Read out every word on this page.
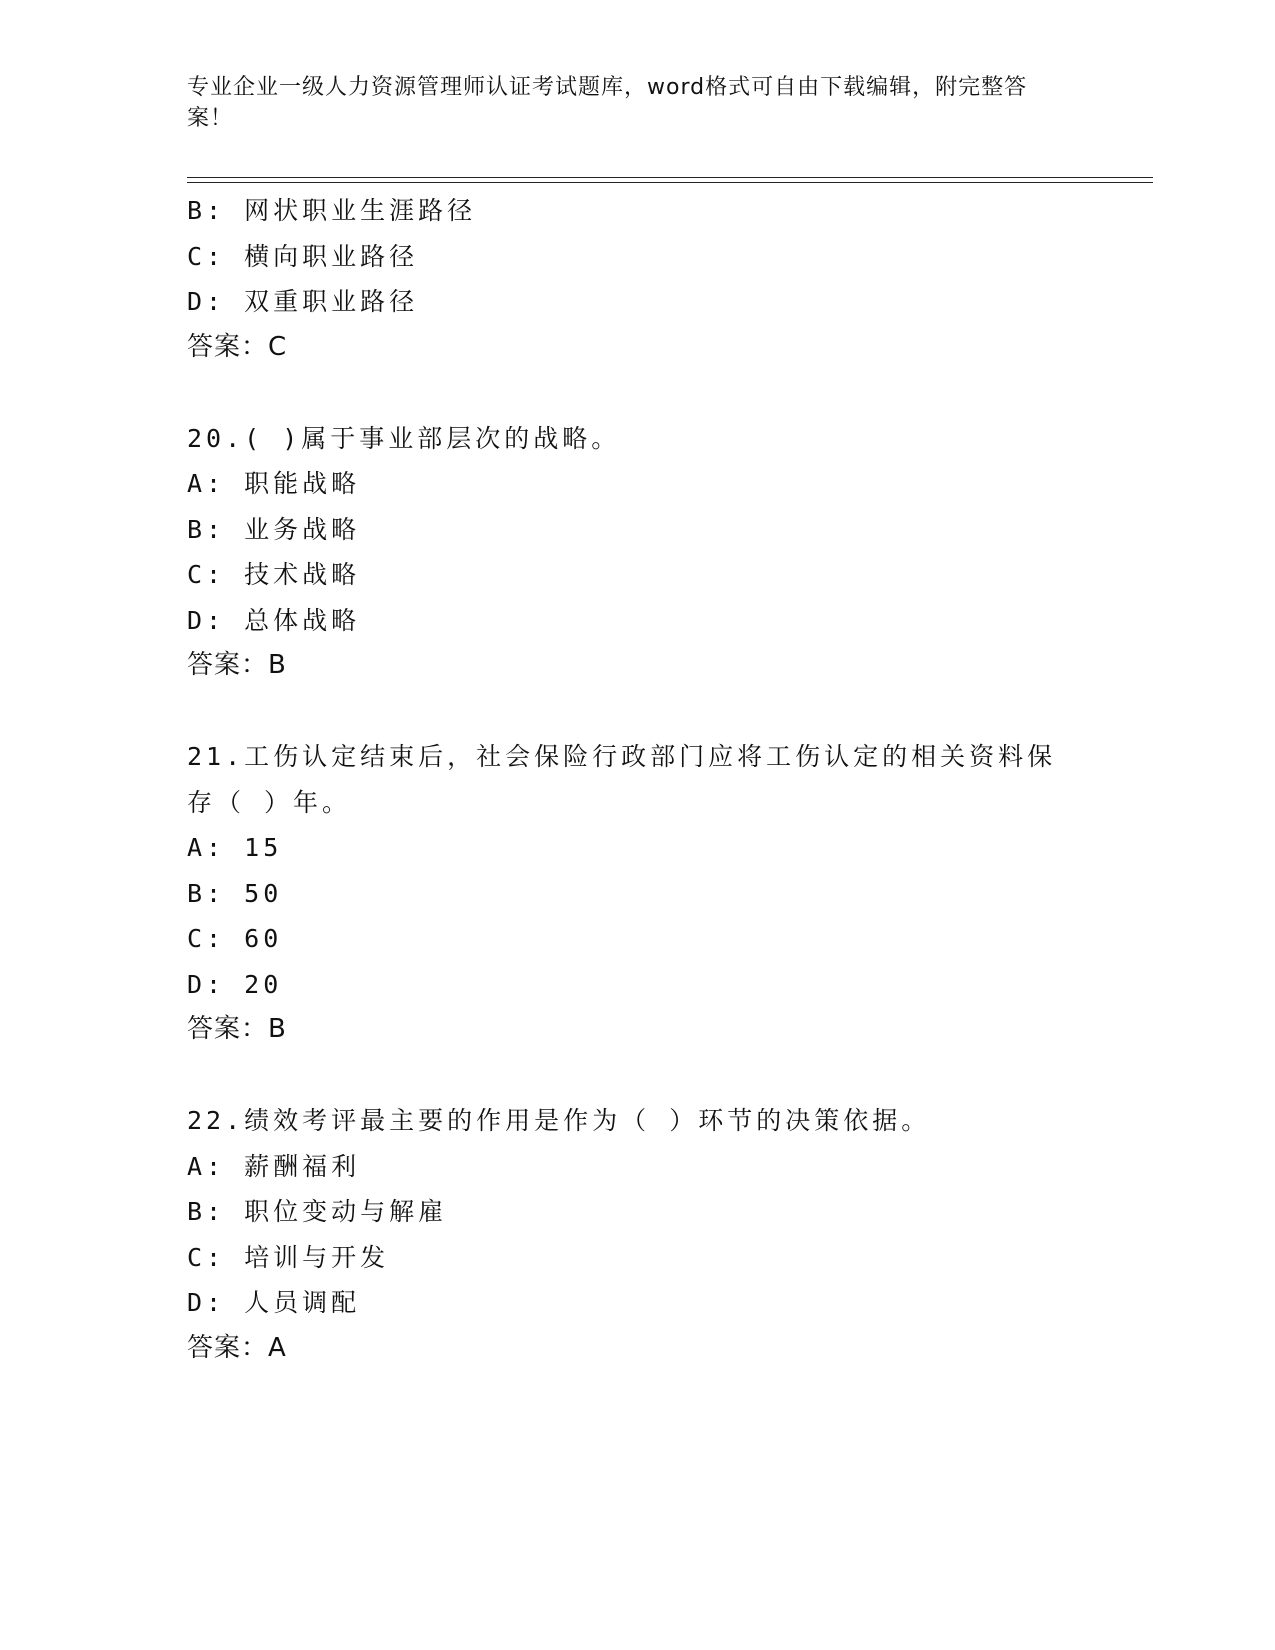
专业企业一级人力资源管理师认证考试题库，word格式可自由下载编辑，附完整答案！
B: 网状职业生涯路径
C: 横向职业路径
D: 双重职业路径
答案：C
20.( )属于事业部层次的战略。
A: 职能战略
B: 业务战略
C: 技术战略
D: 总体战略
答案：B
21.工伤认定结束后，社会保险行政部门应将工伤认定的相关资料保存（ ）年。
A: 15
B: 50
C: 60
D: 20
答案：B
22.绩效考评最主要的作用是作为（ ）环节的决策依据。
A: 薪酬福利
B: 职位变动与解雇
C: 培训与开发
D: 人员调配
答案：A
